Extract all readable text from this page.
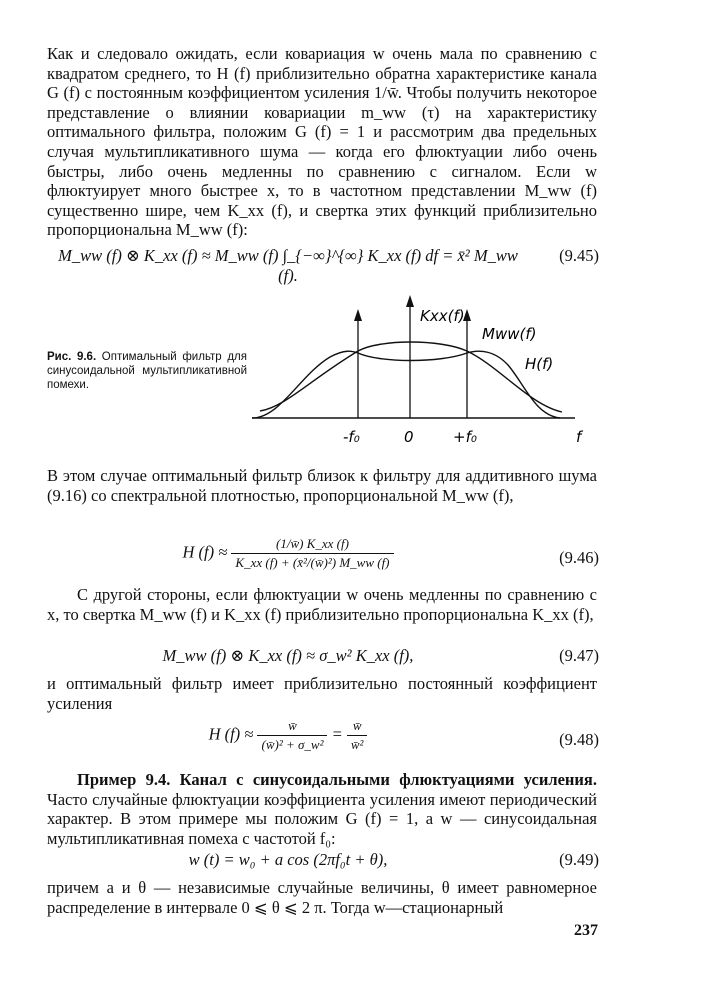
Как и следовало ожидать, если ковариация w очень мала по сравнению с квадратом среднего, то H (f) приблизительно обратна характеристике канала G (f) с постоянным коэффициентом усиления 1/w̄. Чтобы получить некоторое представление о влиянии ковариации m_ww (τ) на характеристику оптимального фильтра, положим G (f) = 1 и рассмотрим два предельных случая мультипликативного шума — когда его флюктуации либо очень быстры, либо очень медленны по сравнению с сигналом. Если w флюктуирует много быстрее x, то в частотном представлении M_ww (f) существенно шире, чем K_xx (f), и свертка этих функций приблизительно пропорциональна M_ww (f):
M_ww (f) ⊗ K_xx (f) ≈ M_ww (f) ∫_{−∞}^{∞} K_xx (f) df = x̄² M_ww (f).
(9.45)
Рис. 9.6. Оптимальный фильтр для синусоидальной мультипликативной помехи.
Kxx(f)
Mww(f)
H(f)
-f₀	0	+f₀	f
В этом случае оптимальный фильтр близок к фильтру для аддитивного шума (9.16) со спектральной плотностью, пропорциональной M_ww (f),
H $(f) \approx \frac{(1/w̄) K\_xx (f)}{\text{K\_xx (f) + (x̄²/(w̄)²) M\_ww (f)}}$	(9.46)
С другой стороны, если флюктуации w очень медленны по сравнению с x, то свертка M_ww (f) и K_xx (f) приблизительно пропорциональна K_xx (f),
M_ww (f) ⊗ K_xx (f) ≈ σ_w² K_xx (f),	(9.47)
и оптимальный фильтр имеет приблизительно постоянный коэффициент усиления
H $(f) \approx \frac{w̄}{\text{(w̄)² + σ\_w²}} = \frac{w̄}{\text{w̄²}}$	(9.48)
Пример 9.4. Канал с синусоидальными флюктуациями усиления. Часто случайные флюктуации коэффициента усиления имеют периодический характер. В этом примере мы положим G (f) = 1, а w — синусоидальная мультипликативная помеха с частотой f₀:
w (t) = w₀ + a cos (2πf₀t + θ),	(9.49)
причем a и θ — независимые случайные величины, θ имеет равномерное распределение в интервале 0 ⩽ θ ⩽ 2 π. Тогда w—стационарный
237
